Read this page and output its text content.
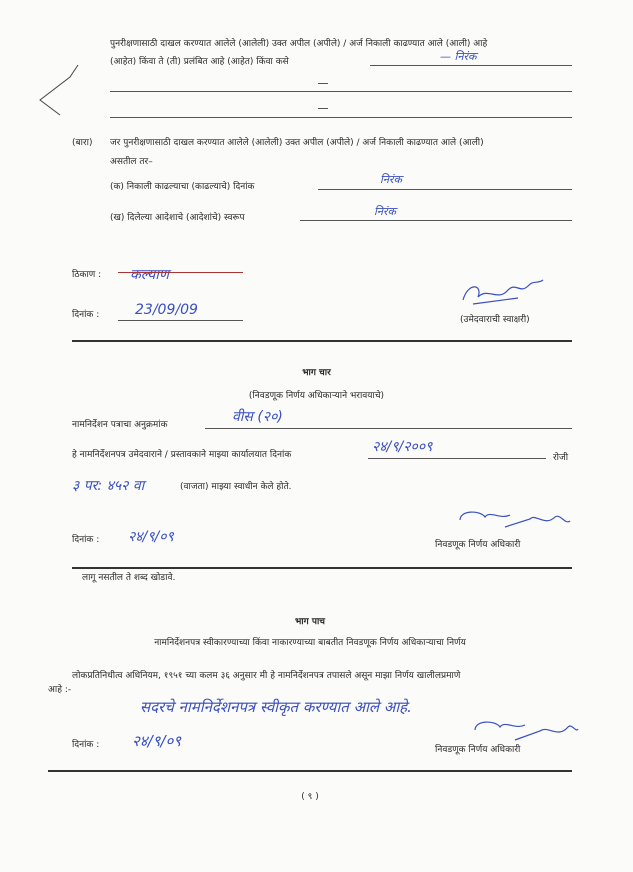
पुनरीक्षणासाठी दाखल करण्यात आलेले (आलेली) उक्त अपील (अपीले) / अर्ज निकाली काढण्यात आले (आली) आहे
(आहेत) किंवा ते (ती) प्रलंबित आहे (आहेत) किंवा कसे	— निरंक
(बारा) जर पुनरीक्षणासाठी दाखल करण्यात आलेले (आलेली) उक्त अपील (अपीले) / अर्ज निकाली काढण्यात आले (आली)
असतील तर–
(क) निकाली काढल्याचा (काढल्याचे) दिनांक
निरंक
(ख) दिलेल्या आदेशाचे (आदेशांचे) स्वरूप	निरंक
ठिकाण : कल्याण
दिनांक :	23/09/09
(उमेदवाराची स्वाक्षरी)
भाग चार
(निवडणूक निर्णय अधिकाऱ्याने भरावयाचे)
नामनिर्देशन पत्राचा अनुक्रमांक	वीस (२०)
हे नामनिर्देशनपत्र उमेदवाराने / प्रस्तावकाने माझ्या कार्यालयात दिनांक	२४/९/२००९
रोजी
३ पर: ४५२ वा	(वाजता) माझ्या स्वाधीन केले होते.
दिनांक : २४/९/०९	निवडणूक निर्णय अधिकारी
लागू नसतील ते शब्द खोडावे.
भाग पाच
नामनिर्देशनपत्र स्वीकारण्याच्या किंवा नाकारण्याच्या बाबतीत निवडणूक निर्णय अधिकाऱ्याचा निर्णय
लोकप्रतिनिधीत्व अधिनियम, १९५१ च्या कलम ३६ अनुसार मी हे नामनिर्देशनपत्र तपासले असून माझा निर्णय खालीलप्रमाणे
आहे :-
सदरचे नामनिर्देशनपत्र स्वीकृत करण्यात आले आहे.
दिनांक : २४/९/०९	निवडणूक निर्णय अधिकारी
( ९ )
